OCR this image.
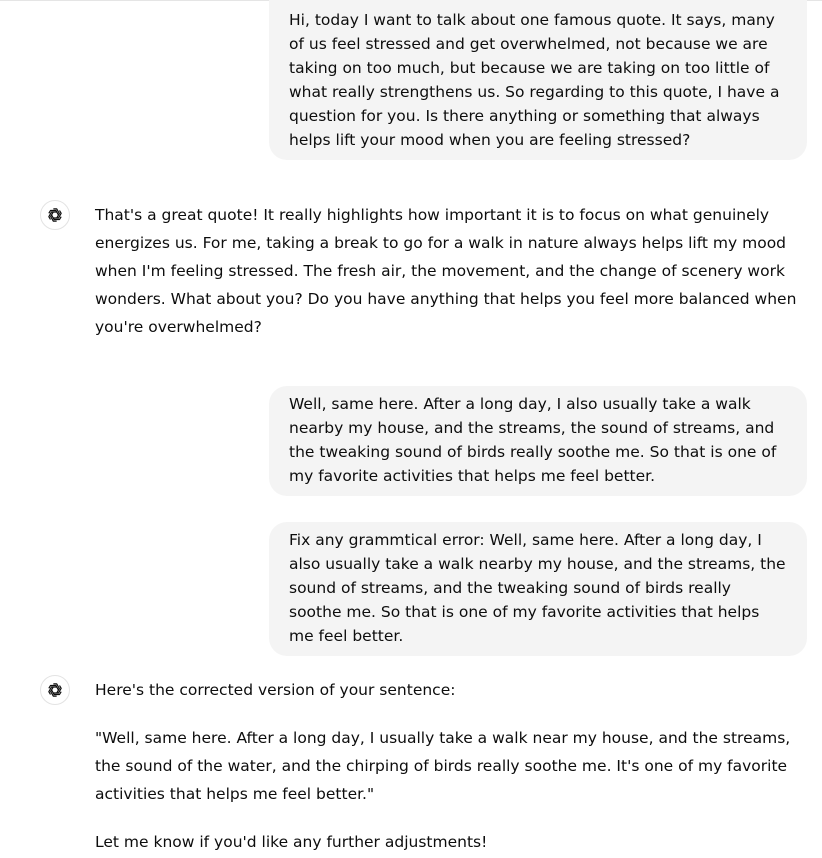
Hi, today I want to talk about one famous quote. It says, many of us feel stressed and get overwhelmed, not because we are taking on too much, but because we are taking on too little of what really strengthens us. So regarding to this quote, I have a question for you. Is there anything or something that always helps lift your mood when you are feeling stressed?

That's a great quote! It really highlights how important it is to focus on what genuinely energizes us. For me, taking a break to go for a walk in nature always helps lift my mood when I'm feeling stressed. The fresh air, the movement, and the change of scenery work wonders. What about you? Do you have anything that helps you feel more balanced when you're overwhelmed?

Well, same here. After a long day, I also usually take a walk nearby my house, and the streams, the sound of streams, and the tweaking sound of birds really soothe me. So that is one of my favorite activities that helps me feel better.
Fix any grammtical error: Well, same here. After a long day, I also usually take a walk nearby my house, and the streams, the sound of streams, and the tweaking sound of birds really soothe me. So that is one of my favorite activities that helps me feel better.

Here's the corrected version of your sentence:

"Well, same here. After a long day, I usually take a walk near my house, and the streams, the sound of the water, and the chirping of birds really soothe me. It's one of my favorite activities that helps me feel better."

Let me know if you'd like any further adjustments!
